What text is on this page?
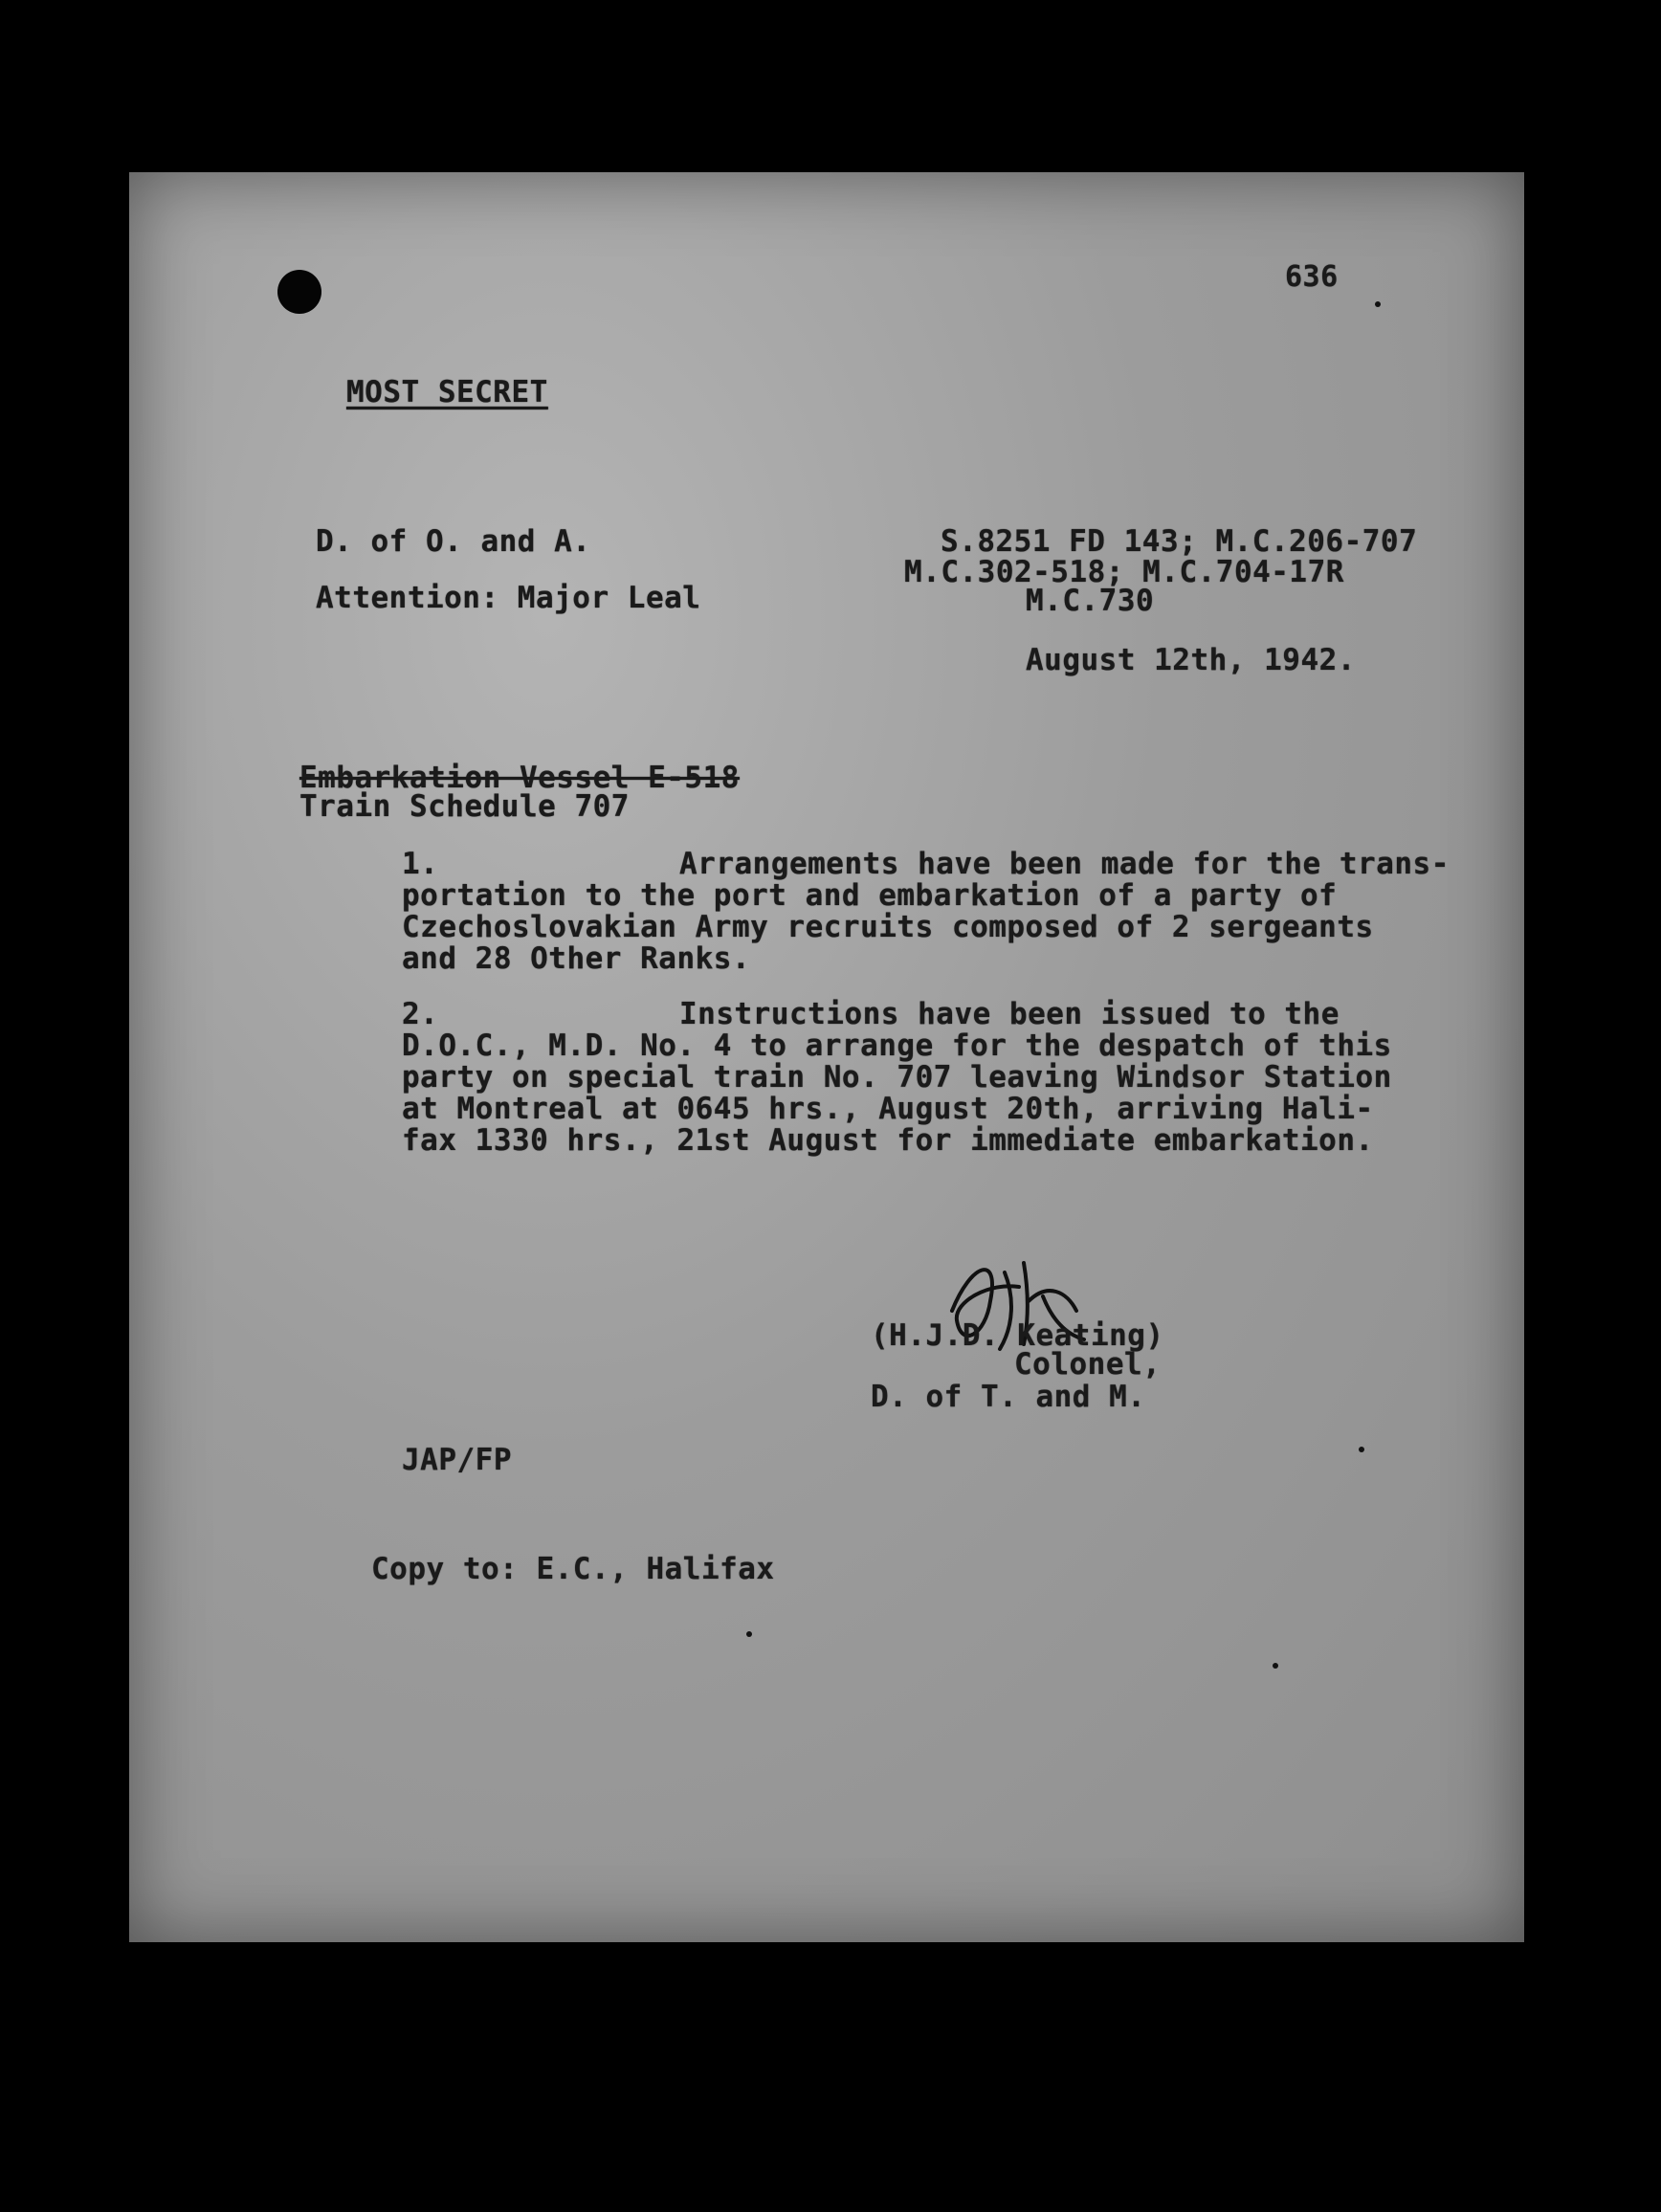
636
MOST SECRET
D. of O. and A.
Attention: Major Leal
S.8251 FD 143; M.C.206-707
M.C.302-518; M.C.704-17R
M.C.730
August 12th, 1942.
Embarkation Vessel E-518
Train Schedule 707
1.	Arrangements have been made for the trans-
portation to the port and embarkation of a party of
Czechoslovakian Army recruits composed of 2 sergeants
and 28 Other Ranks.
2.	Instructions have been issued to the
D.O.C., M.D. No. 4 to arrange for the despatch of this
party on special train No. 707 leaving Windsor Station
at Montreal at 0645 hrs., August 20th, arriving Hali-
fax 1330 hrs., 21st August for immediate embarkation.
(H.J.D. Keating)
Colonel,
D. of T. and M.
JAP/FP
Copy to: E.C., Halifax
